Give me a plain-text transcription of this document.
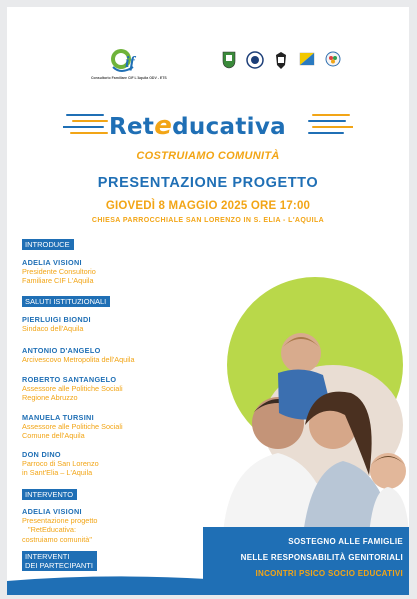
if
Consultorio Familiare CIF L'Aquila ODV - ETS
Reteducativa
COSTRUIAMO COMUNITÀ
PRESENTAZIONE PROGETTO
GIOVEDÌ 8 MAGGIO 2025 ORE 17:00
CHIESA PARROCCHIALE SAN LORENZO IN S. ELIA - L'AQUILA
INTRODUCE
ADELIA VISIONI
Presidente Consultorio
Familiare CIF L'Aquila
SALUTI ISTITUZIONALI
PIERLUIGI BIONDI
Sindaco dell'Aquila
ANTONIO D'ANGELO
Arcivescovo Metropolita dell'Aquila
ROBERTO SANTANGELO
Assessore alle Politiche Sociali
Regione Abruzzo
MANUELA TURSINI
Assessore alle Politiche Sociali
Comune dell'Aquila
DON DINO
Parroco di San Lorenzo
in Sant'Elia – L'Aquila
INTERVENTO
ADELIA VISIONI
Presentazione progetto
"RetEducativa:
costruiamo comunità"
INTERVENTI
DEI PARTECIPANTI
SOSTEGNO ALLE FAMIGLIE
NELLE RESPONSABILITÀ GENITORIALI
INCONTRI PSICO SOCIO EDUCATIVI
